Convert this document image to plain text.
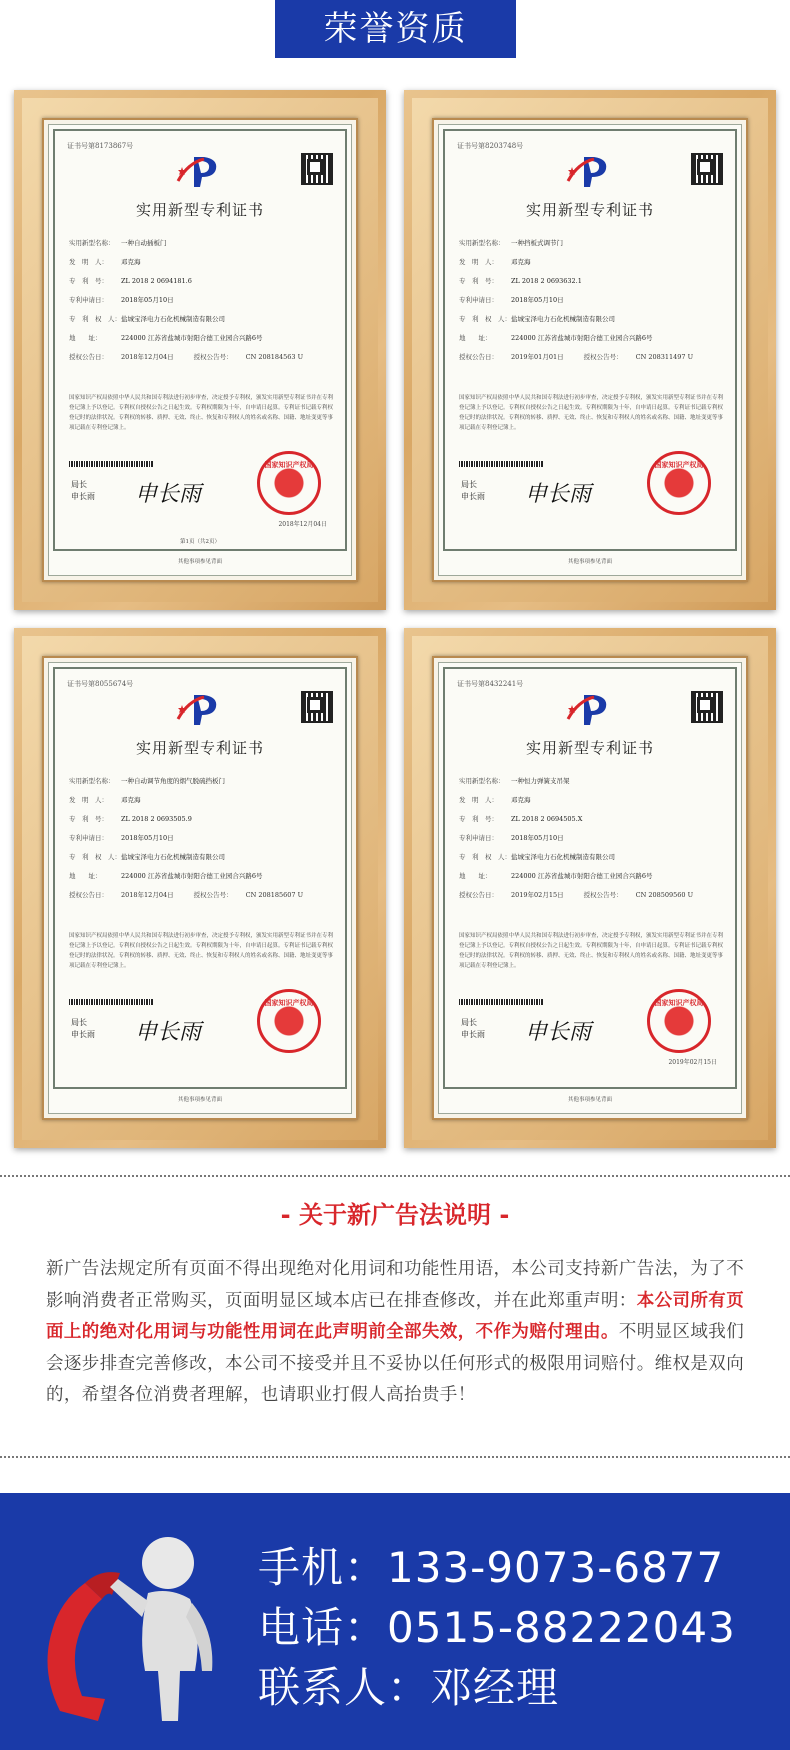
荣誉资质
证书号第8173867号
实用新型专利证书
实用新型名称：	一种自动插板门
发　明　人：	邓克海
专　利　号：	ZL 2018 2 0694181.6
专利申请日：	2018年05月10日
专　利　权　人： 盐城宝泽电力石化机械制造有限公司
地　　址：	224000 江苏省盐城市射阳合德工业园合兴路6号
授权公告日：	2018年12月04日	授权公告号：	CN 208184563 U
国家知识产权局依照中华人民共和国专利法进行初步审查，决定授予专利权，颁发实用新型专利证书并在专利登记簿上予以登记。专利权自授权公告之日起生效。专利权期限为十年，自申请日起算。专利证书记载专利权登记时的法律状况。专利权的转移、质押、无效、终止、恢复和专利权人的姓名或名称、国籍、地址变更等事项记载在专利登记簿上。
局长
申长雨 申长雨
国家知识产权局
2018年12月04日
第1页（共2页）
其他事项参见背面
证书号第8203748号
实用新型专利证书
实用新型名称：	一种挡板式调节门
发　明　人：	邓克海
专　利　号：	ZL 2018 2 0693632.1
专利申请日：	2018年05月10日
专　利　权　人： 盐城宝泽电力石化机械制造有限公司
地　　址：	224000 江苏省盐城市射阳合德工业园合兴路6号
授权公告日：	2019年01月01日	授权公告号：	CN 208311497 U
国家知识产权局依照中华人民共和国专利法进行初步审查，决定授予专利权，颁发实用新型专利证书并在专利登记簿上予以登记。专利权自授权公告之日起生效。专利权期限为十年，自申请日起算。专利证书记载专利权登记时的法律状况。专利权的转移、质押、无效、终止、恢复和专利权人的姓名或名称、国籍、地址变更等事项记载在专利登记簿上。
局长
申长雨 申长雨
国家知识产权局
其他事项参见背面
证书号第8055674号
实用新型专利证书
实用新型名称：	一种自动调节角度的烟气脱硫挡板门
发　明　人：	邓克海
专　利　号：	ZL 2018 2 0693505.9
专利申请日：	2018年05月10日
专　利　权　人： 盐城宝泽电力石化机械制造有限公司
地　　址：	224000 江苏省盐城市射阳合德工业园合兴路6号
授权公告日：	2018年12月04日	授权公告号：	CN 208185607 U
国家知识产权局依照中华人民共和国专利法进行初步审查，决定授予专利权，颁发实用新型专利证书并在专利登记簿上予以登记。专利权自授权公告之日起生效。专利权期限为十年，自申请日起算。专利证书记载专利权登记时的法律状况。专利权的转移、质押、无效、终止、恢复和专利权人的姓名或名称、国籍、地址变更等事项记载在专利登记簿上。
局长
申长雨 申长雨
国家知识产权局
其他事项参见背面
证书号第8432241号
实用新型专利证书
实用新型名称：	一种恒力弹簧支吊架
发　明　人：	邓克海
专　利　号：	ZL 2018 2 0694505.X
专利申请日：	2018年05月10日
专　利　权　人： 盐城宝泽电力石化机械制造有限公司
地　　址：	224000 江苏省盐城市射阳合德工业园合兴路6号
授权公告日：	2019年02月15日	授权公告号：	CN 208509560 U
国家知识产权局依照中华人民共和国专利法进行初步审查，决定授予专利权，颁发实用新型专利证书并在专利登记簿上予以登记。专利权自授权公告之日起生效。专利权期限为十年，自申请日起算。专利证书记载专利权登记时的法律状况。专利权的转移、质押、无效、终止、恢复和专利权人的姓名或名称、国籍、地址变更等事项记载在专利登记簿上。
局长
申长雨 申长雨
国家知识产权局
2019年02月15日
其他事项参见背面
- 关于新广告法说明 -
新广告法规定所有页面不得出现绝对化用词和功能性用语，本公司支持新广告法，为了不影响消费者正常购买，页面明显区域本店已在排查修改，并在此郑重声明：本公司所有页面上的绝对化用词与功能性用词在此声明前全部失效，不作为赔付理由。不明显区域我们会逐步排查完善修改，本公司不接受并且不妥协以任何形式的极限用词赔付。维权是双向的，希望各位消费者理解，也请职业打假人高抬贵手！
手机：133-9073-6877
电话：0515-88222043
联系人：邓经理
